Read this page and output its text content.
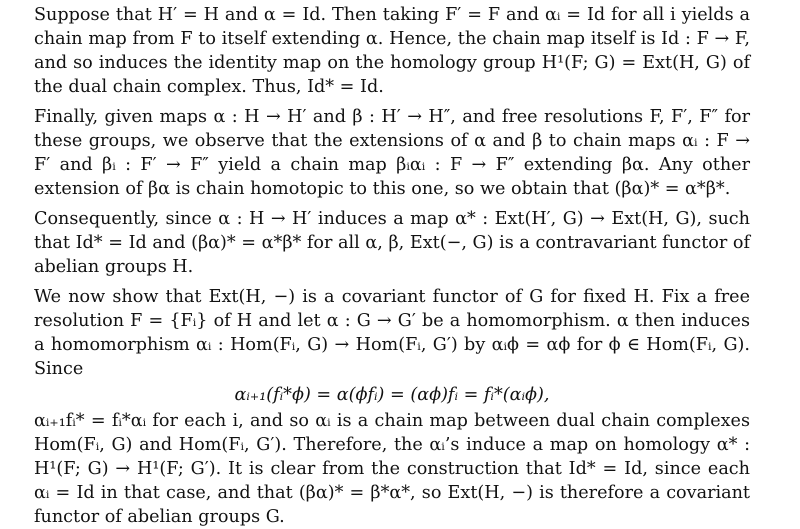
Suppose that H′ = H and α = Id. Then taking F′ = F and αᵢ = Id for all i yields a chain map from F to itself extending α. Hence, the chain map itself is Id : F → F, and so induces the identity map on the homology group H¹(F; G) = Ext(H, G) of the dual chain complex. Thus, Id* = Id.

Finally, given maps α : H → H′ and β : H′ → H″, and free resolutions F, F′, F″ for these groups, we observe that the extensions of α and β to chain maps αᵢ : F → F′ and βᵢ : F′ → F″ yield a chain map βᵢαᵢ : F → F″ extending βα. Any other extension of βα is chain homotopic to this one, so we obtain that (βα)* = α*β*.

Consequently, since α : H → H′ induces a map α* : Ext(H′, G) → Ext(H, G), such that Id* = Id and (βα)* = α*β* for all α, β, Ext(−, G) is a contravariant functor of abelian groups H.

We now show that Ext(H, −) is a covariant functor of G for fixed H. Fix a free resolution F = {Fᵢ} of H and let α : G → G′ be a homomorphism. α then induces a homomorphism αᵢ : Hom(Fᵢ, G) → Hom(Fᵢ, G′) by αᵢϕ = αϕ for ϕ ∈ Hom(Fᵢ, G). Since

αᵢ₊₁(fᵢ*ϕ) = α(ϕfᵢ) = (αϕ)fᵢ = fᵢ*(αᵢϕ),

αᵢ₊₁fᵢ* = fᵢ*αᵢ for each i, and so αᵢ is a chain map between dual chain complexes Hom(Fᵢ, G) and Hom(Fᵢ, G′). Therefore, the αᵢ’s induce a map on homology α* : H¹(F; G) → H¹(F; G′). It is clear from the construction that Id* = Id, since each αᵢ = Id in that case, and that (βα)* = β*α*, so Ext(H, −) is therefore a covariant functor of abelian groups G.
